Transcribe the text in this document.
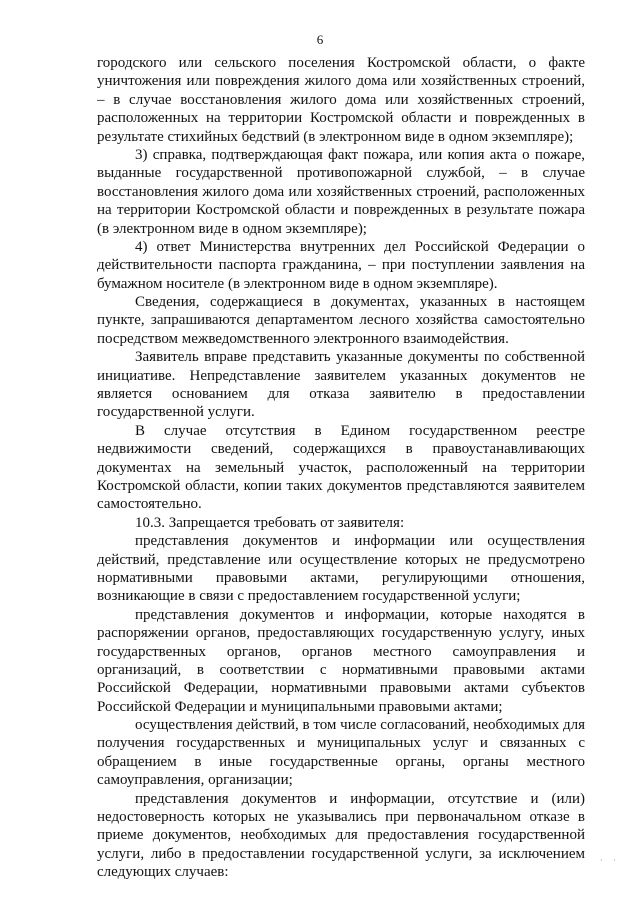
6
городского или сельского поселения Костромской области, о факте
уничтожения или повреждения жилого дома или хозяйственных строений,
– в случае восстановления жилого дома или хозяйственных строений,
расположенных на территории Костромской области и поврежденных в
результате стихийных бедствий (в электронном виде в одном экземпляре);
3) справка, подтверждающая факт пожара, или копия акта о пожаре,
выданные государственной противопожарной службой, – в случае
восстановления жилого дома или хозяйственных строений, расположенных
на территории Костромской области и поврежденных в результате пожара
(в электронном виде в одном экземпляре);
4) ответ Министерства внутренних дел Российской Федерации о
действительности паспорта гражданина, – при поступлении заявления на
бумажном носителе (в электронном виде в одном экземпляре).
Сведения, содержащиеся в документах, указанных в настоящем
пункте, запрашиваются департаментом лесного хозяйства самостоятельно
посредством межведомственного электронного взаимодействия.
Заявитель вправе представить указанные документы по собственной
инициативе. Непредставление заявителем указанных документов не
является основанием для отказа заявителю в предоставлении
государственной услуги.
В случае отсутствия в Едином государственном реестре
недвижимости сведений, содержащихся в правоустанавливающих
документах на земельный участок, расположенный на территории
Костромской области, копии таких документов представляются заявителем
самостоятельно.
10.3. Запрещается требовать от заявителя:
представления документов и информации или осуществления
действий, представление или осуществление которых не предусмотрено
нормативными правовыми актами, регулирующими отношения,
возникающие в связи с предоставлением государственной услуги;
представления документов и информации, которые находятся в
распоряжении органов, предоставляющих государственную услугу, иных
государственных органов, органов местного самоуправления и
организаций, в соответствии с нормативными правовыми актами
Российской Федерации, нормативными правовыми актами субъектов
Российской Федерации и муниципальными правовыми актами;
осуществления действий, в том числе согласований, необходимых для
получения государственных и муниципальных услуг и связанных с
обращением в иные государственные органы, органы местного
самоуправления, организации;
представления документов и информации, отсутствие и (или)
недостоверность которых не указывались при первоначальном отказе в
приеме документов, необходимых для предоставления государственной
услуги, либо в предоставлении государственной услуги, за исключением
следующих случаев:
· ·
